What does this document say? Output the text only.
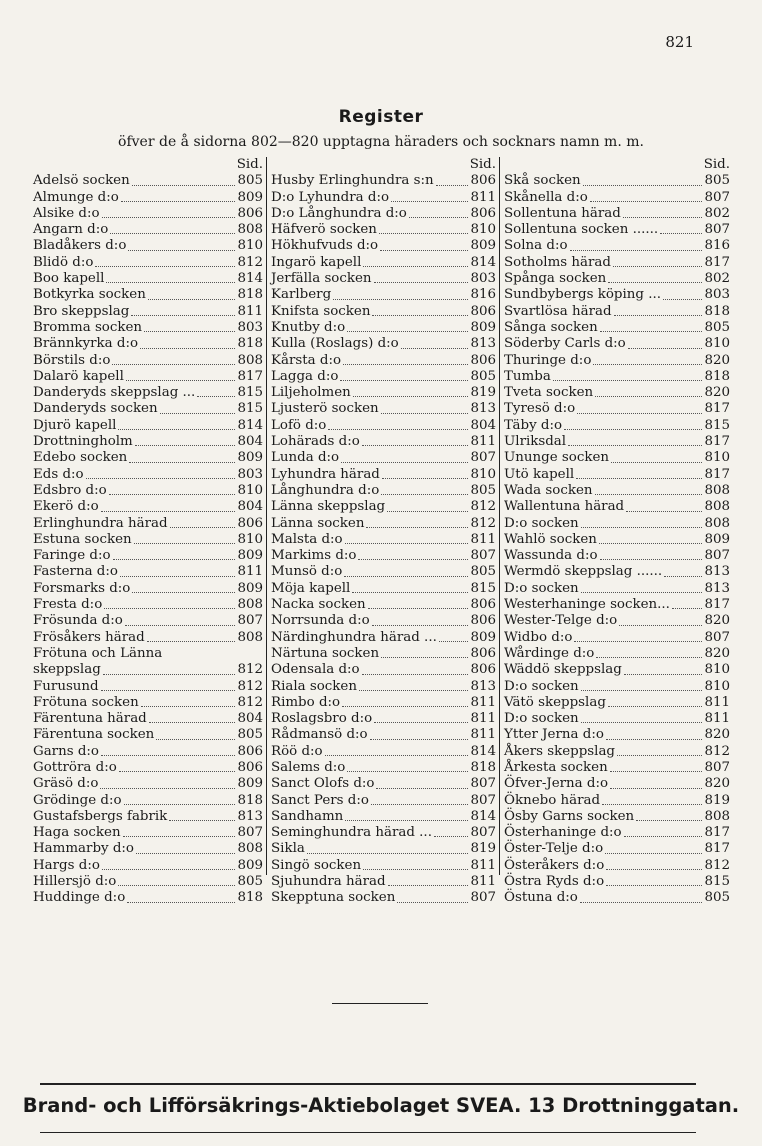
821
Register
öfver de å sidorna 802—820 upptagna häraders och socknars namn m. m.
Sid.
Adelsö socken	805
Almunge d:o	809
Alsike d:o	806
Angarn d:o	808
Bladåkers d:o	810
Blidö d:o	812
Boo kapell	814
Botkyrka socken	818
Bro skeppslag	811
Bromma socken	803
Brännkyrka d:o	818
Börstils d:o	808
Dalarö kapell	817
Danderyds skeppslag ...	815
Danderyds socken	815
Djurö kapell	814
Drottningholm	804
Edebo socken	809
Eds d:o	803
Edsbro d:o	810
Ekerö d:o	804
Erlinghundra härad	806
Estuna socken	810
Faringe d:o	809
Fasterna d:o	811
Forsmarks d:o	809
Fresta d:o	808
Frösunda d:o	807
Frösåkers härad	808
Frötuna och Länna
skeppslag	812
Furusund	812
Frötuna socken	812
Färentuna härad	804
Färentuna socken	805
Garns d:o	806
Gottröra d:o	806
Gräsö d:o	809
Grödinge d:o	818
Gustafsbergs fabrik	813
Haga socken	807
Hammarby d:o	808
Hargs d:o	809
Hillersjö d:o	805
Huddinge d:o	818
Sid.
Husby Erlinghundra s:n	806
D:o Lyhundra d:o	811
D:o Långhundra d:o	806
Häfverö socken	810
Hökhufvuds d:o	809
Ingarö kapell	814
Jerfälla socken	803
Karlberg	816
Knifsta socken	806
Knutby d:o	809
Kulla (Roslags) d:o	813
Kårsta d:o	806
Lagga d:o	805
Liljeholmen	819
Ljusterö socken	813
Lofö d:o	804
Lohärads d:o	811
Lunda d:o	807
Lyhundra härad	810
Långhundra d:o	805
Länna skeppslag	812
Länna socken	812
Malsta d:o	811
Markims d:o	807
Munsö d:o	805
Möja kapell	815
Nacka socken	806
Norrsunda d:o	806
Närdinghundra härad ...	809
Närtuna socken	806
Odensala d:o	806
Riala socken	813
Rimbo d:o	811
Roslagsbro d:o	811
Rådmansö d:o	811
Röö d:o	814
Salems d:o	818
Sanct Olofs d:o	807
Sanct Pers d:o	807
Sandhamn	814
Seminghundra härad ...	807
Sikla	819
Singö socken	811
Sjuhundra härad	811
Skepptuna socken	807
Sid.
Skå socken	805
Skånella d:o	807
Sollentuna härad	802
Sollentuna socken ......	807
Solna d:o	816
Sotholms härad	817
Spånga socken	802
Sundbybergs köping ...	803
Svartlösa härad	818
Sånga socken	805
Söderby Carls d:o	810
Thuringe d:o	820
Tumba	818
Tveta socken	820
Tyresö d:o	817
Täby d:o	815
Ulriksdal	817
Ununge socken	810
Utö kapell	817
Wada socken	808
Wallentuna härad	808
D:o socken	808
Wahlö socken	809
Wassunda d:o	807
Wermdö skeppslag ......	813
D:o socken	813
Westerhaninge socken...	817
Wester-Telge d:o	820
Widbo d:o	807
Wårdinge d:o	820
Wäddö skeppslag	810
D:o socken	810
Vätö skeppslag	811
D:o socken	811
Ytter Jerna d:o	820
Åkers skeppslag	812
Årkesta socken	807
Öfver-Jerna d:o	820
Öknebo härad	819
Ösby Garns socken	808
Österhaninge d:o	817
Öster-Telje d:o	817
Österåkers d:o	812
Östra Ryds d:o	815
Östuna d:o	805
Brand- och Lifförsäkrings-Aktiebolaget SVEA. 13 Drottninggatan.
